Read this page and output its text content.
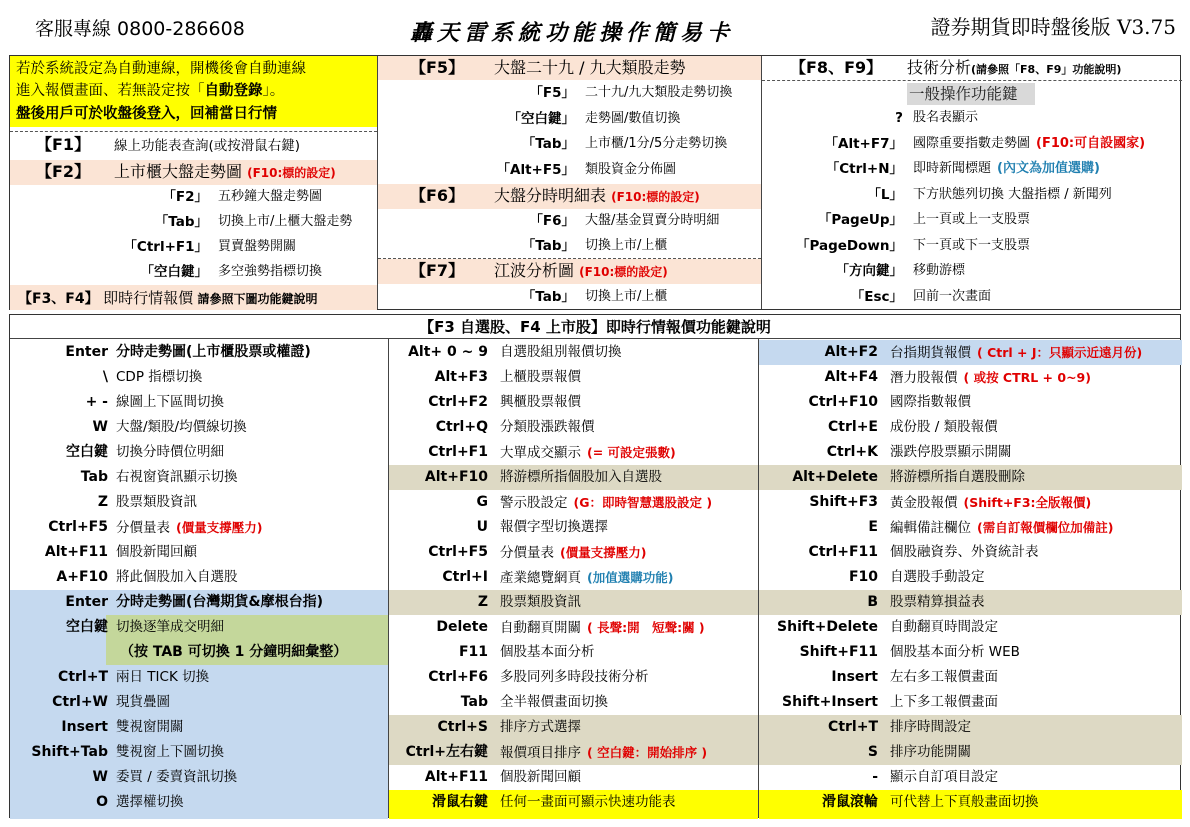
客服專線 0800-286608	轟天雷系統功能操作簡易卡	證券期貨即時盤後版 V3.75
若於系統設定為自動連線，開機後會自動連線
進入報價畫面、若無設定按「自動登錄」。
盤後用戶可於收盤後登入，回補當日行情
【F1】 線上功能表查詢(或按滑鼠右鍵)
【F2】 上市櫃大盤走勢圖 (F10:標的設定)
【F3、F4】 即時行情報價 請參照下圖功能鍵說明
【F5】 大盤二十九 / 九大類股走勢
【F6】 大盤分時明細表 (F10:標的設定)
【F7】 江波分析圖 (F10:標的設定)
【F8、F9】 技術分析(請參照「F8、F9」功能說明)
一般操作功能鍵
「F2」 五秒鐘大盤走勢圖
「Tab」 切換上市/上櫃大盤走勢
「Ctrl+F1」 買賣盤勢開關
「空白鍵」 多空強勢指標切換
「F5」 二十九/九大類股走勢切換
「空白鍵」 走勢圖/數值切換
「Tab」 上市櫃/1分/5分走勢切換
「Alt+F5」 類股資金分佈圖
「F6」 大盤/基金買賣分時明細
「Tab」 切換上市/上櫃
「Tab」 切換上市/上櫃
? 股名表顯示
「Alt+F7」 國際重要指數走勢圖 (F10:可自設國家)
「Ctrl+N」 即時新聞標題 (內文為加值選購)
「L」 下方狀態列切換 大盤指標 / 新聞列
「PageUp」 上一頁或上一支股票
「PageDown」 下一頁或下一支股票
「方向鍵」 移動游標
「Esc」 回前一次畫面
【F3 自選股、F4 上市股】即時行情報價功能鍵說明
Enter 分時走勢圖(上市櫃股票或權證)
\ CDP 指標切換
+ - 線圖上下區間切換
W 大盤/類股/均價線切換
空白鍵 切換分時價位明細
Tab 右視窗資訊顯示切換
Z 股票類股資訊
Ctrl+F5 分價量表 (價量支撐壓力)
Alt+F11 個股新聞回顧
A+F10 將此個股加入自選股
Enter 分時走勢圖(台灣期貨&摩根台指)
空白鍵 切換逐筆成交明細
（按 TAB 可切換 1 分鐘明細彙整）
Ctrl+T 兩日 TICK 切換
Ctrl+W 現貨疊圖
Insert 雙視窗開關
Shift+Tab 雙視窗上下圖切換
W 委買 / 委賣資訊切換
O 選擇權切換
Alt+ 0 ~ 9 自選股組別報價切換
Alt+F3 上櫃股票報價
Ctrl+F2 興櫃股票報價
Ctrl+Q 分類股漲跌報價
Ctrl+F1 大單成交顯示 (= 可設定張數)
Alt+F10 將游標所指個股加入自選股
G 警示股設定 (G：即時智慧選股設定 )
U 報價字型切換選擇
Ctrl+F5 分價量表 (價量支撐壓力)
Ctrl+I 產業總覽網頁 (加值選購功能)
Z 股票類股資訊
Delete 自動翻頁開關 ( 長聲:開　短聲:關 )
F11 個股基本面分析
Ctrl+F6 多股同列多時段技術分析
Tab 全半報價畫面切換
Ctrl+S 排序方式選擇
Ctrl+左右鍵 報價項目排序 ( 空白鍵：開始排序 )
Alt+F11 個股新聞回顧
滑鼠右鍵 任何一畫面可顯示快速功能表
Alt+F2 台指期貨報價 ( Ctrl + J：只顯示近遠月份)
Alt+F4 潛力股報價 ( 或按 CTRL + 0~9)
Ctrl+F10 國際指數報價
Ctrl+E 成份股 / 類股報價
Ctrl+K 漲跌停股票顯示開關
Alt+Delete 將游標所指自選股刪除
Shift+F3 黃金股報價 (Shift+F3:全版報價)
E 編輯備註欄位 (需自訂報價欄位加備註)
Ctrl+F11 個股融資券、外資統計表
F10 自選股手動設定
B 股票精算損益表
Shift+Delete 自動翻頁時間設定
Shift+F11 個股基本面分析 WEB
Insert 左右多工報價畫面
Shift+Insert 上下多工報價畫面
Ctrl+T 排序時間設定
S 排序功能開關
- 顯示自訂項目設定
滑鼠滾輪 可代替上下頁般畫面切換
